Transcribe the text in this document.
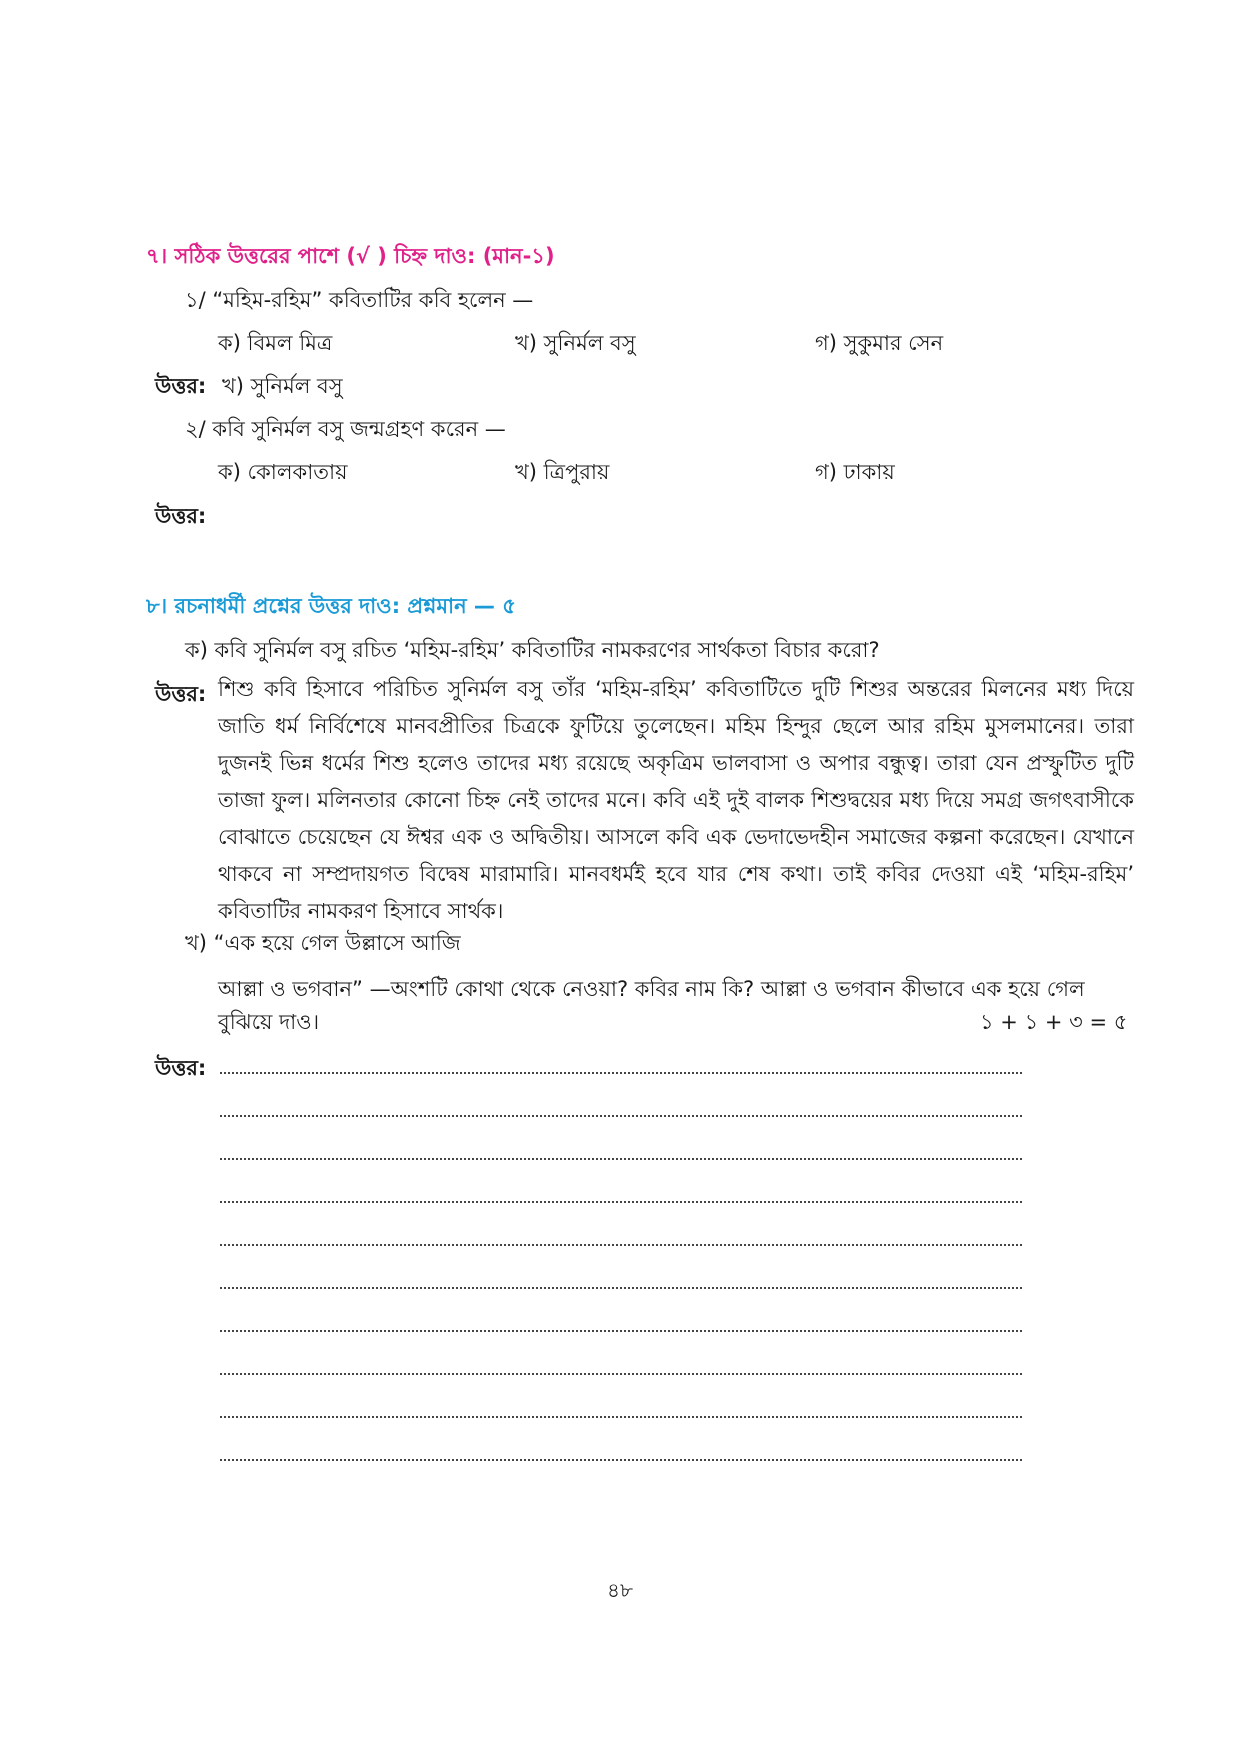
৭। সঠিক উত্তরের পাশে (√ ) চিহ্ন দাও: (মান-১)
১/ “মহিম-রহিম” কবিতাটির কবি হলেন —
ক) বিমল মিত্র	খ) সুনির্মল বসু	গ) সুকুমার সেন
উত্তর: খ) সুনির্মল বসু
২/ কবি সুনির্মল বসু জন্মগ্রহণ করেন —
ক) কোলকাতায়	খ) ত্রিপুরায়	গ) ঢাকায়
উত্তর:
৮। রচনাধর্মী প্রশ্নের উত্তর দাও: প্রশ্নমান — ৫
ক) কবি সুনির্মল বসু রচিত ‘মহিম-রহিম’ কবিতাটির নামকরণের সার্থকতা বিচার করো?
উত্তর: শিশু কবি হিসাবে পরিচিত সুনির্মল বসু তাঁর ‘মহিম-রহিম’ কবিতাটিতে দুটি শিশুর অন্তরের মিলনের মধ্য দিয়ে জাতি ধর্ম নির্বিশেষে মানবপ্রীতির চিত্রকে ফুটিয়ে তুলেছেন। মহিম হিন্দুর ছেলে আর রহিম মুসলমানের। তারা দুজনই ভিন্ন ধর্মের শিশু হলেও তাদের মধ্য রয়েছে অকৃত্রিম ভালবাসা ও অপার বন্ধুত্ব। তারা যেন প্রস্ফুটিত দুটি তাজা ফুল। মলিনতার কোনো চিহ্ন নেই তাদের মনে। কবি এই দুই বালক শিশুদ্বয়ের মধ্য দিয়ে সমগ্র জগৎবাসীকে বোঝাতে চেয়েছেন যে ঈশ্বর এক ও অদ্বিতীয়। আসলে কবি এক ভেদাভেদহীন সমাজের কল্পনা করেছেন। যেখানে থাকবে না সম্প্রদায়গত বিদ্বেষ মারামারি। মানবধর্মই হবে যার শেষ কথা। তাই কবির দেওয়া এই ‘মহিম-রহিম’ কবিতাটির নামকরণ হিসাবে সার্থক।
খ) “এক হয়ে গেল উল্লাসে আজি
আল্লা ও ভগবান” —অংশটি কোথা থেকে নেওয়া? কবির নাম কি? আল্লা ও ভগবান কীভাবে এক হয়ে গেল
বুঝিয়ে দাও।	১ + ১ + ৩ = ৫
উত্তর:
৪৮
